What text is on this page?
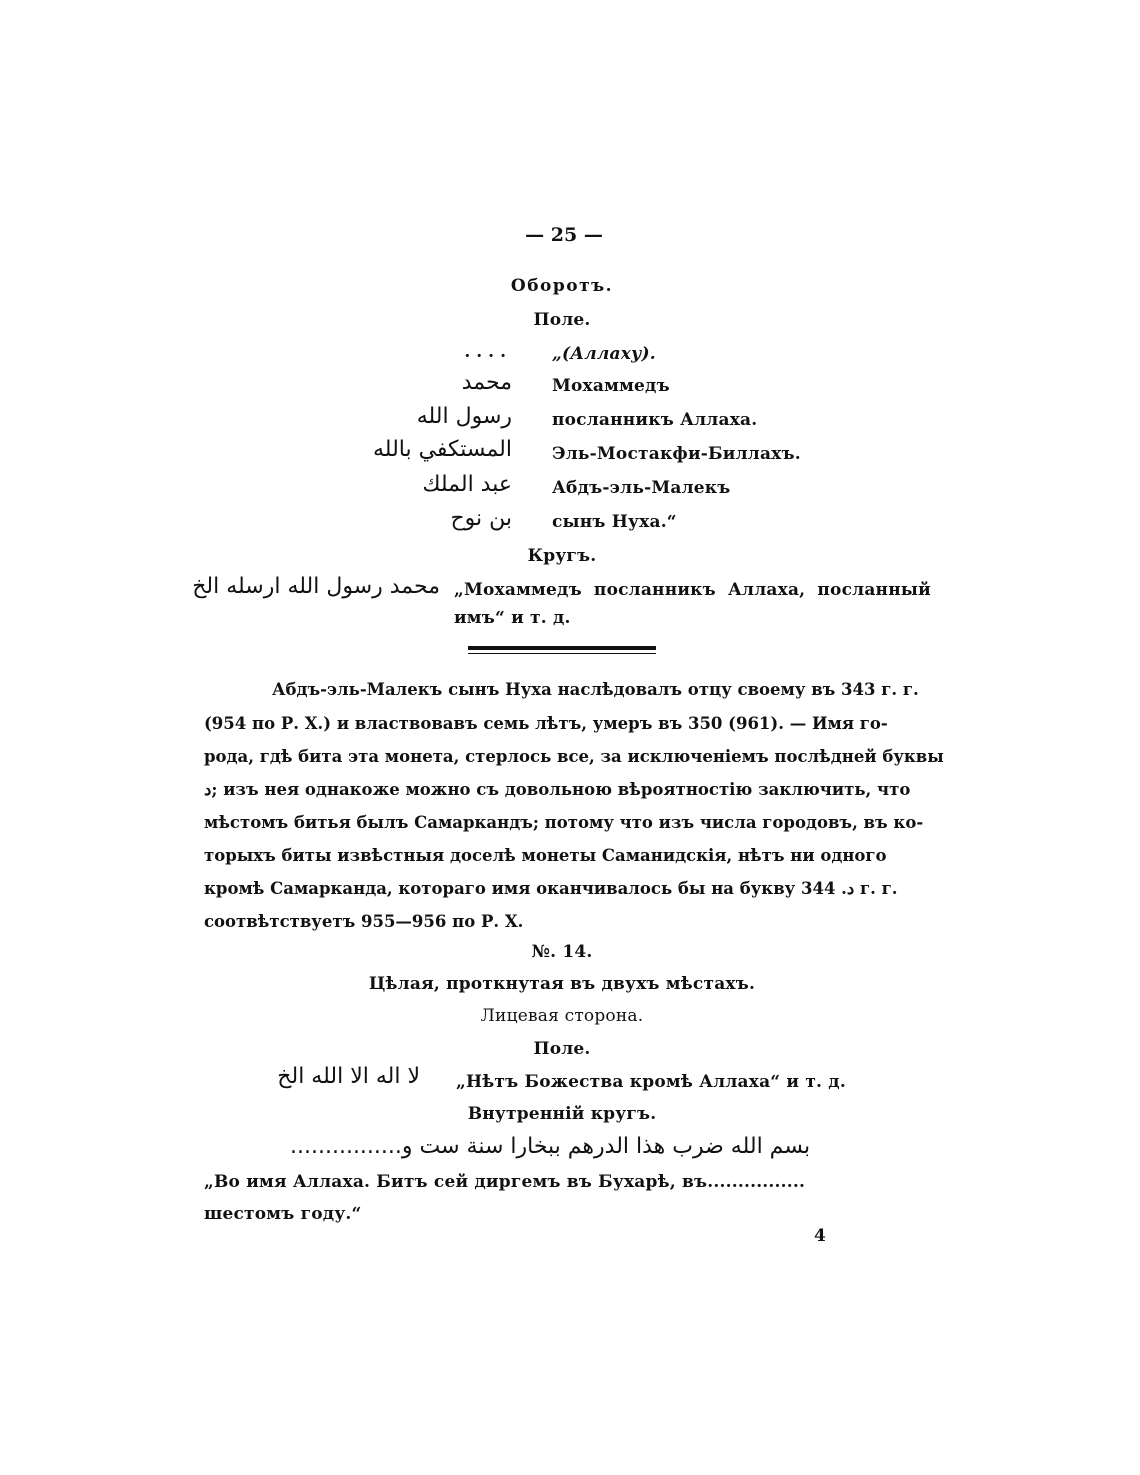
— 25 —
Оборотъ.
Поле.
....
محمد
رسول الله
المستكفي بالله
عبد الملك
بن نوح
„(Аллаху).
Мохаммедъ
посланникъ Аллаха.
Эль-Мостакфи-Биллахъ.
Абдъ-эль-Малекъ
сынъ Нуха.“
Кругъ.
محمد رسول الله ارسله الخ „Мохаммедъ посланникъ Аллаха, посланный
имъ“ и т. д.
Абдъ-эль-Малекъ сынъ Нуха наслѣдовалъ отцу своему въ 343 г. г.
(954 по Р. Х.) и властвовавъ семь лѣтъ, умеръ въ 350 (961). — Имя го-
рода, гдѣ бита эта монета, стерлось все, за исключеніемъ послѣдней буквы
د; изъ нея однакоже можно съ довольною вѣроятностію заключить, что
мѣстомъ битья былъ Самаркандъ; потому что изъ числа городовъ, въ ко-
торыхъ биты извѣстныя доселѣ монеты Саманидскія, нѣтъ ни одного
кромѣ Самарканда, котораго имя оканчивалось бы на букву د. 344 г. г.
соотвѣтствуетъ 955—956 по Р. Х.
№. 14.
Цѣлая, проткнутая въ двухъ мѣстахъ.
Лицевая сторона.
Поле.
لا اله الا الله الخ „Нѣтъ Божества кромѣ Аллаха“ и т. д.
Внутренній кругъ.
بسم الله ضرب هذا الدرهم ببخارا سنة ست و................
„Во имя Аллаха. Битъ сей диргемъ въ Бухарѣ, въ................
шестомъ году.“
4
